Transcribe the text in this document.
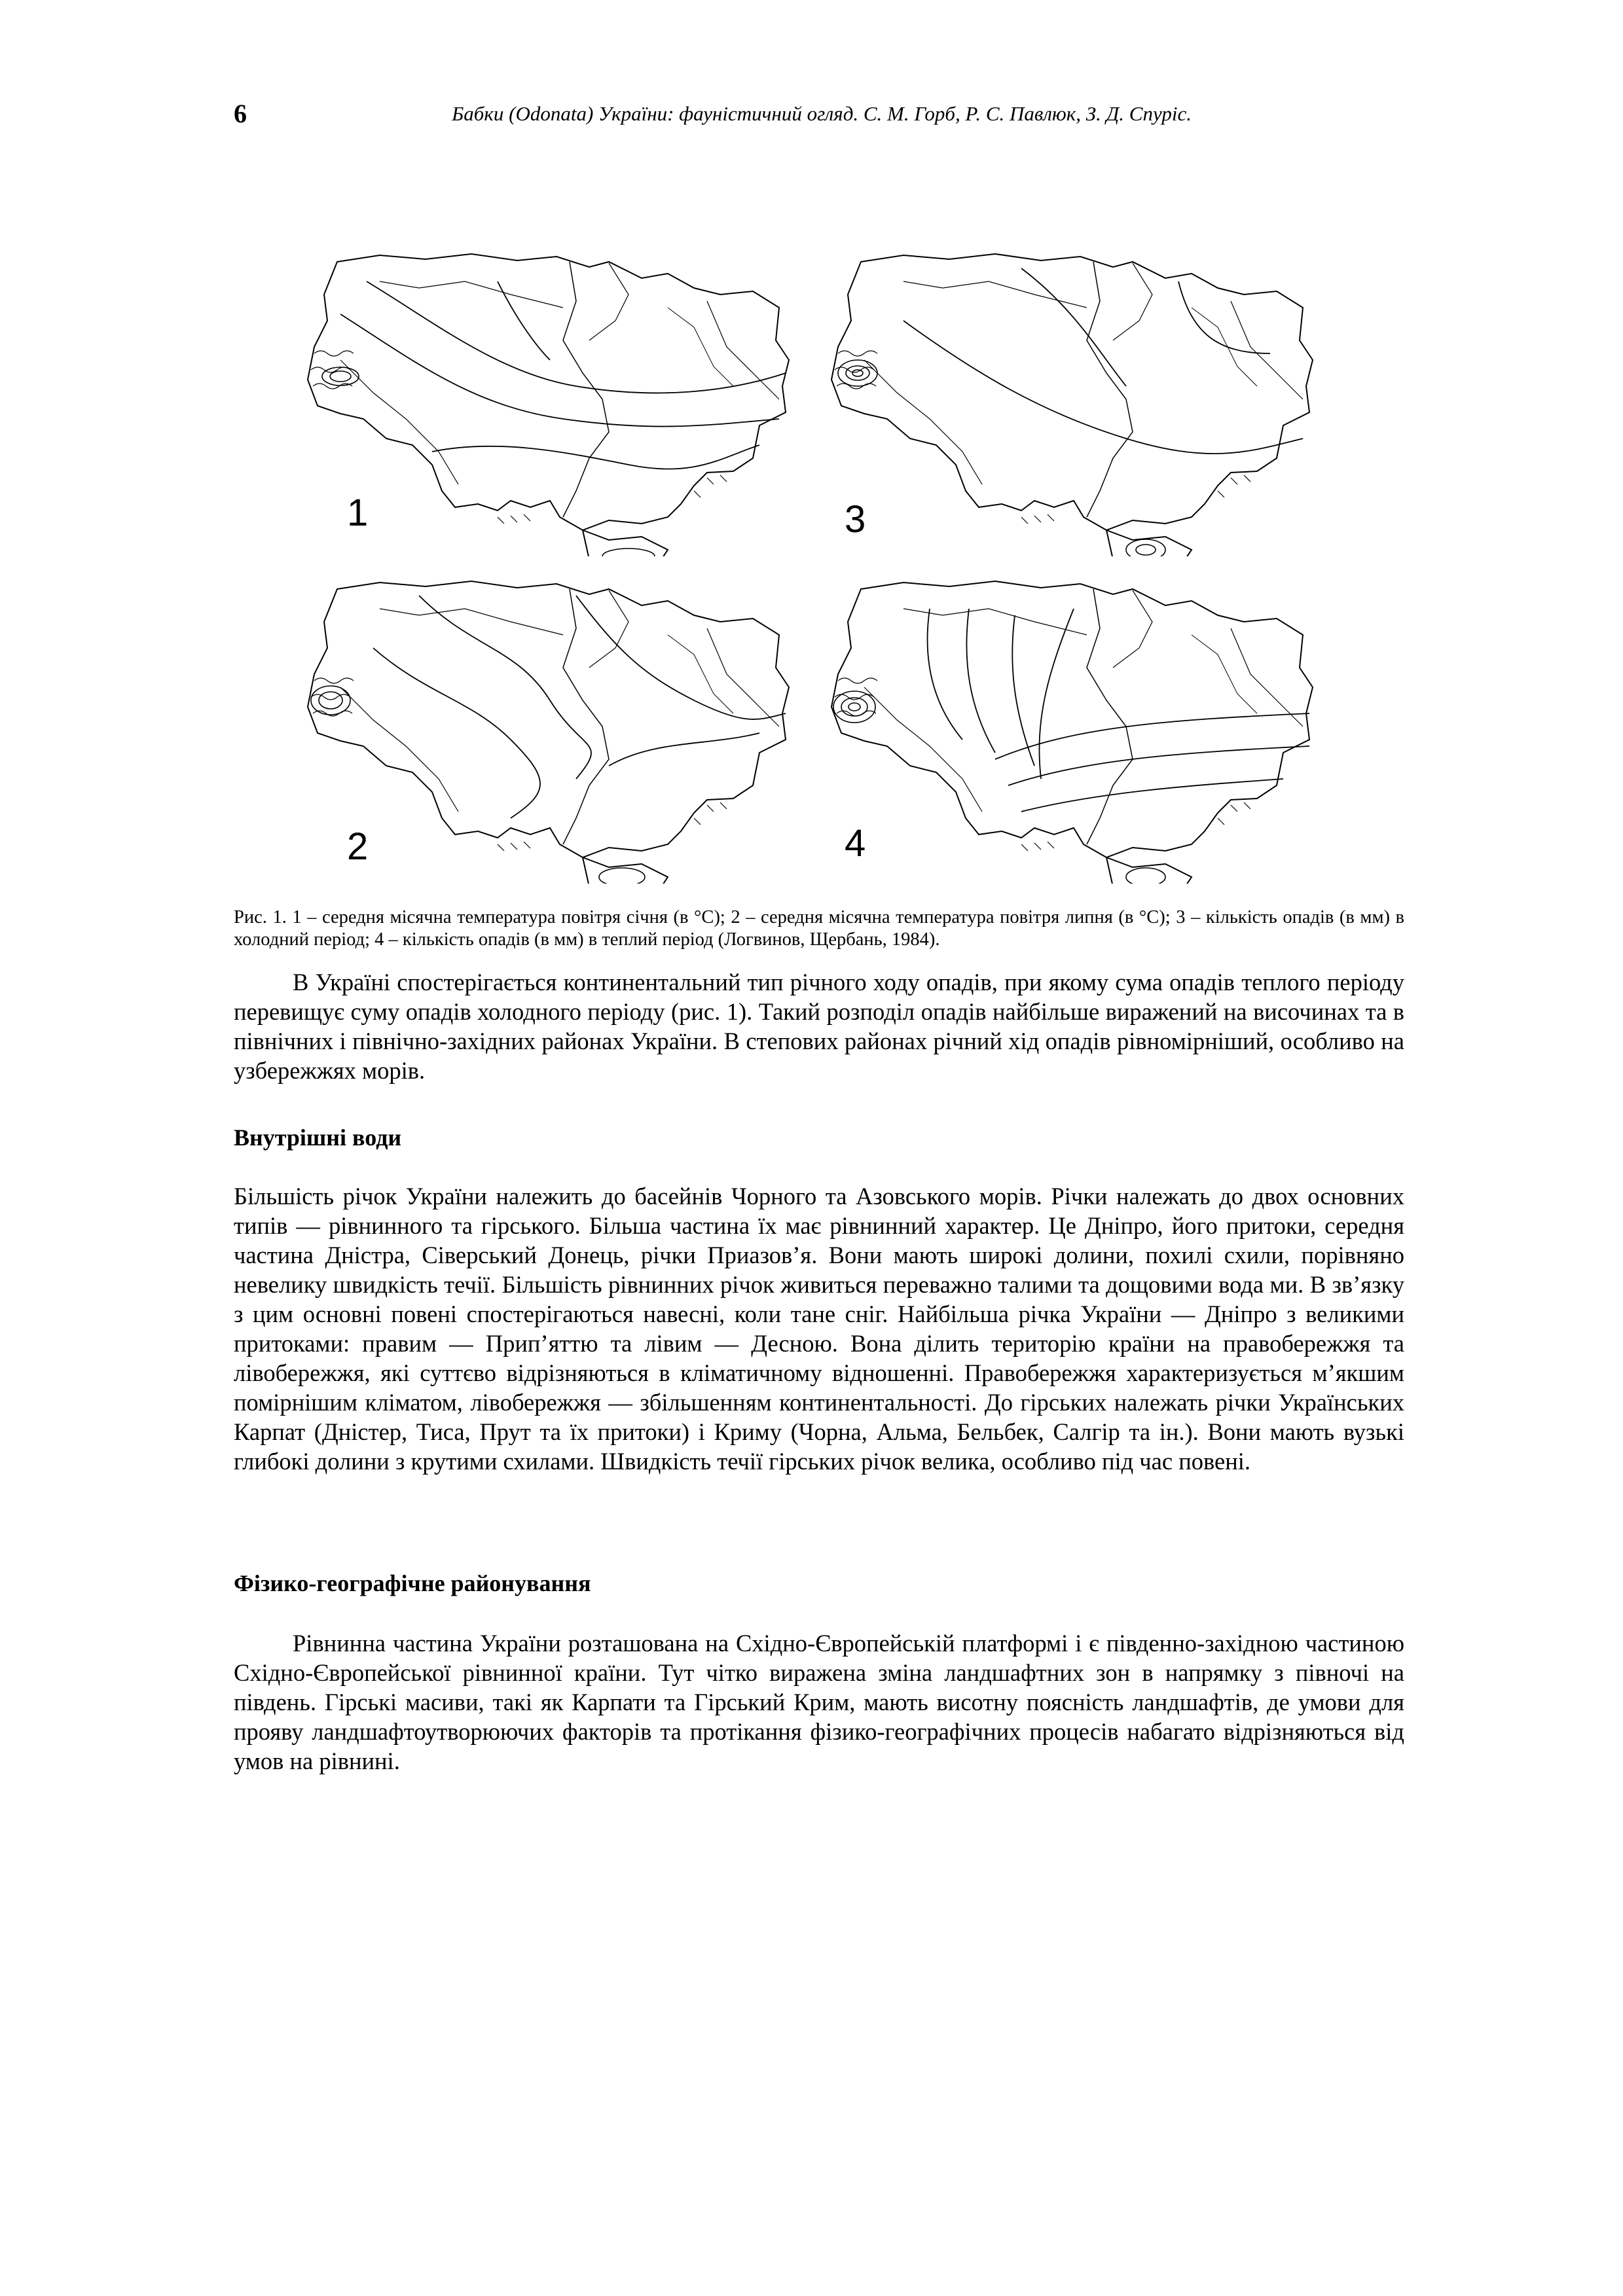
6	Бабки (Odonata) України: фауністичний огляд. С. М. Горб, Р. С. Павлюк, З. Д. Спуріс.
1	3
2	4
Рис. 1. 1 – середня місячна температура повітря січня (в °С); 2 – середня місячна температура повітря липня (в °С); 3 – кількість опадів (в мм) в холодний період; 4 – кількість опадів (в мм) в теплий період (Логвинов, Щербань, 1984).
В Україні спостерігається континентальний тип річного ходу опадів, при якому сума опадів теплого періоду перевищує суму опадів холодного періоду (рис. 1). Такий розподіл опадів найбільше виражений на височинах та в північних і північно-західних районах України. В степових районах річний хід опадів рівномірніший, особливо на узбережжях морів.
Внутрішні води
Більшість річок України належить до басейнів Чорного та Азовського морів. Річки належать до двох основних типів — рівнинного та гірського. Більша частина їх має рівнинний характер. Це Дніпро, його притоки, середня частина Дністра, Сіверський Донець, річки Приазов’я. Вони мають широкі долини, похилі схили, порівняно невелику швидкість течії. Більшість рівнинних річок живиться переважно талими та дощовими вода ми. В зв’язку з цим основні повені спостерігаються навесні, коли тане сніг. Найбільша річка України — Дніпро з великими притоками: правим — Прип’яттю та лівим — Десною. Вона ділить територію країни на правобережжя та лівобережжя, які суттєво відрізняються в кліматичному відношенні. Правобережжя характеризується м’якшим помірнішим кліматом, лівобережжя — збільшенням континентальності. До гірських належать річки Українських Карпат (Дністер, Тиса, Прут та їх притоки) і Криму (Чорна, Альма, Бельбек, Салгір та ін.). Вони мають вузькі глибокі долини з крутими схилами. Швидкість течії гірських річок велика, особливо під час повені.
Фізико-географічне районування
Рівнинна частина України розташована на Східно-Європейській платформі і є південно-західною частиною Східно-Європейської рівнинної країни. Тут чітко виражена зміна ландшафтних зон в напрямку з півночі на південь. Гірські масиви, такі як Карпати та Гірський Крим, мають висотну поясність ландшафтів, де умови для прояву ландшафтоутворюючих факторів та протікання фізико-географічних процесів набагато відрізняються від умов на рівнині.
